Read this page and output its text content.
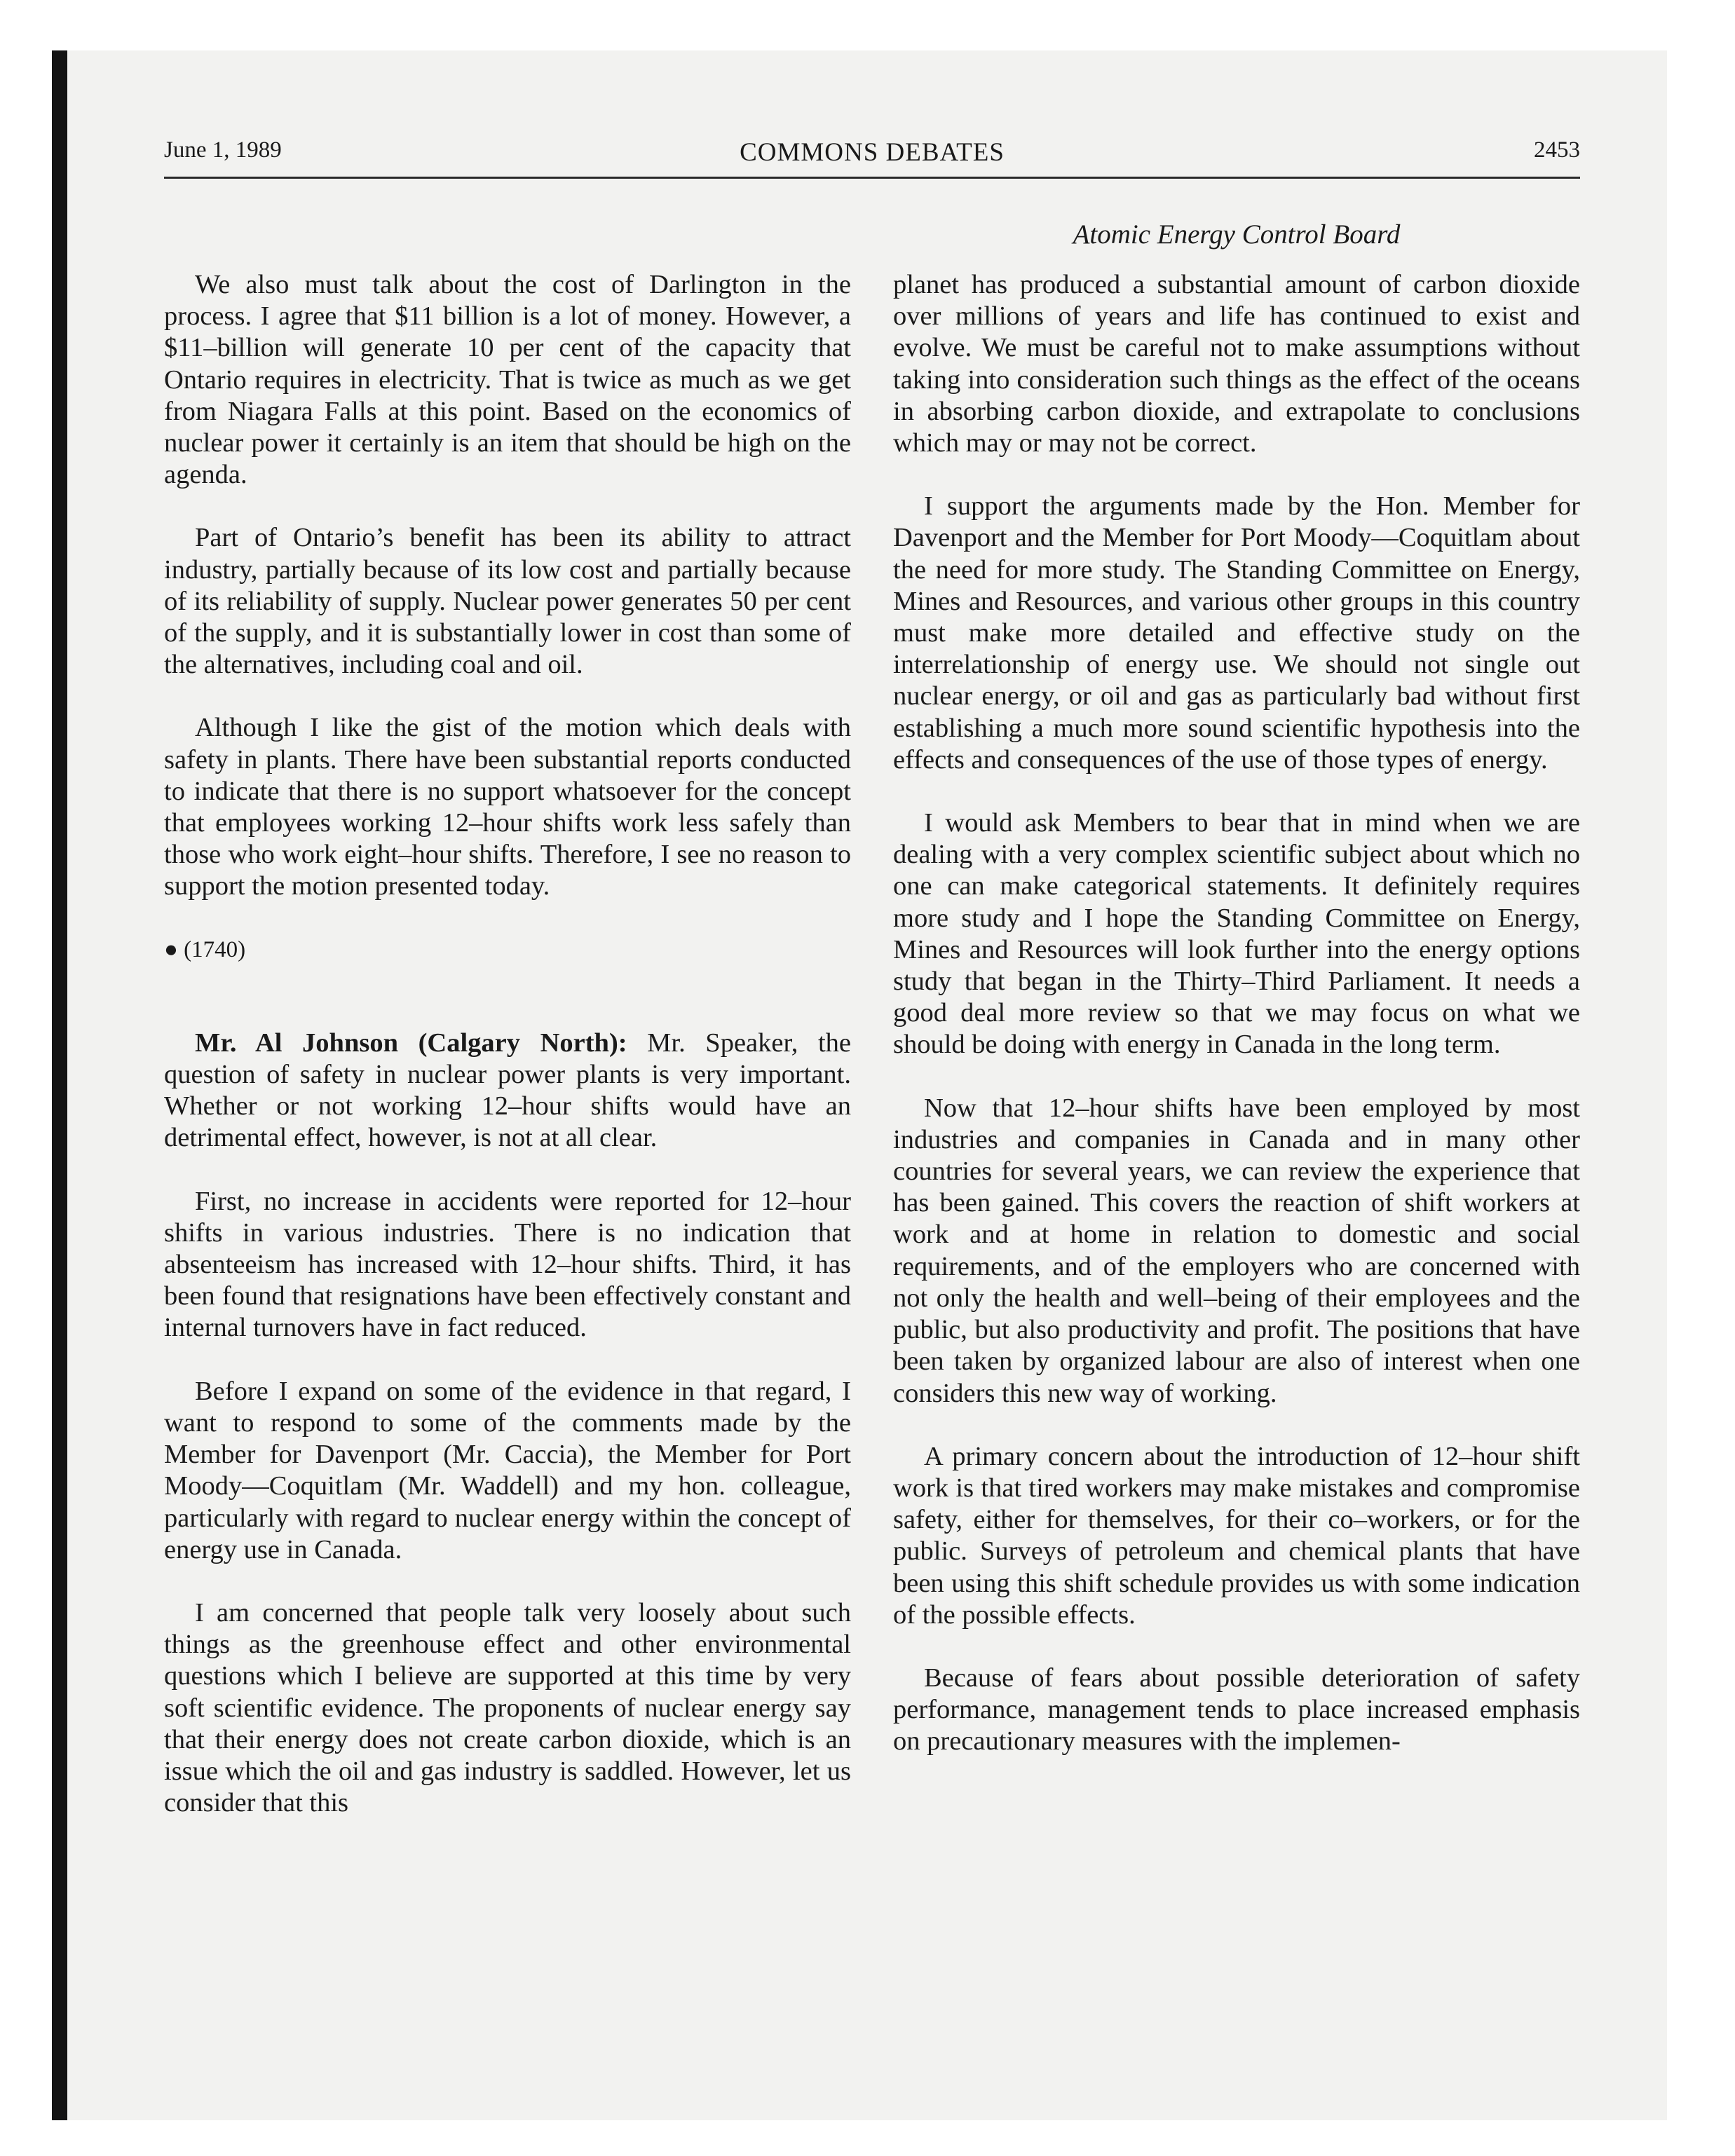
June 1, 1989	COMMONS DEBATES	2453
Atomic Energy Control Board

We also must talk about the cost of Darlington in the process. I agree that $11 billion is a lot of money. However, a $11–billion will generate 10 per cent of the capacity that Ontario requires in electricity. That is twice as much as we get from Niagara Falls at this point. Based on the economics of nuclear power it certainly is an item that should be high on the agenda.

Part of Ontario’s benefit has been its ability to attract industry, partially because of its low cost and partially because of its reliability of supply. Nuclear power generates 50 per cent of the supply, and it is substantially lower in cost than some of the alternatives, including coal and oil.

Although I like the gist of the motion which deals with safety in plants. There have been substantial reports conducted to indicate that there is no support whatsoever for the concept that employees working 12–hour shifts work less safely than those who work eight–hour shifts. Therefore, I see no reason to support the motion presented today.

● (1740)

Mr. Al Johnson (Calgary North): Mr. Speaker, the question of safety in nuclear power plants is very important. Whether or not working 12–hour shifts would have an detrimental effect, however, is not at all clear.

First, no increase in accidents were reported for 12–hour shifts in various industries. There is no indication that absenteeism has increased with 12–hour shifts. Third, it has been found that resignations have been effectively constant and internal turnovers have in fact reduced.

Before I expand on some of the evidence in that regard, I want to respond to some of the comments made by the Member for Davenport (Mr. Caccia), the Member for Port Moody—Coquitlam (Mr. Waddell) and my hon. colleague, particularly with regard to nuclear energy within the concept of energy use in Canada.

I am concerned that people talk very loosely about such things as the greenhouse effect and other environmental questions which I believe are supported at this time by very soft scientific evidence. The proponents of nuclear energy say that their energy does not create carbon dioxide, which is an issue which the oil and gas industry is saddled. However, let us consider that this

planet has produced a substantial amount of carbon dioxide over millions of years and life has continued to exist and evolve. We must be careful not to make assumptions without taking into consideration such things as the effect of the oceans in absorbing carbon dioxide, and extrapolate to conclusions which may or may not be correct.

I support the arguments made by the Hon. Member for Davenport and the Member for Port Moody—Coquitlam about the need for more study. The Standing Committee on Energy, Mines and Resources, and various other groups in this country must make more detailed and effective study on the interrelationship of energy use. We should not single out nuclear energy, or oil and gas as particularly bad without first establishing a much more sound scientific hypothesis into the effects and consequences of the use of those types of energy.

I would ask Members to bear that in mind when we are dealing with a very complex scientific subject about which no one can make categorical statements. It definitely requires more study and I hope the Standing Committee on Energy, Mines and Resources will look further into the energy options study that began in the Thirty–Third Parliament. It needs a good deal more review so that we may focus on what we should be doing with energy in Canada in the long term.

Now that 12–hour shifts have been employed by most industries and companies in Canada and in many other countries for several years, we can review the experience that has been gained. This covers the reaction of shift workers at work and at home in relation to domestic and social requirements, and of the employers who are concerned with not only the health and well–being of their employees and the public, but also productivity and profit. The positions that have been taken by organized labour are also of interest when one considers this new way of working.

A primary concern about the introduction of 12–hour shift work is that tired workers may make mistakes and compromise safety, either for themselves, for their co–workers, or for the public. Surveys of petroleum and chemical plants that have been using this shift schedule provides us with some indication of the possible effects.

Because of fears about possible deterioration of safety performance, management tends to place increased emphasis on precautionary measures with the implemen-
